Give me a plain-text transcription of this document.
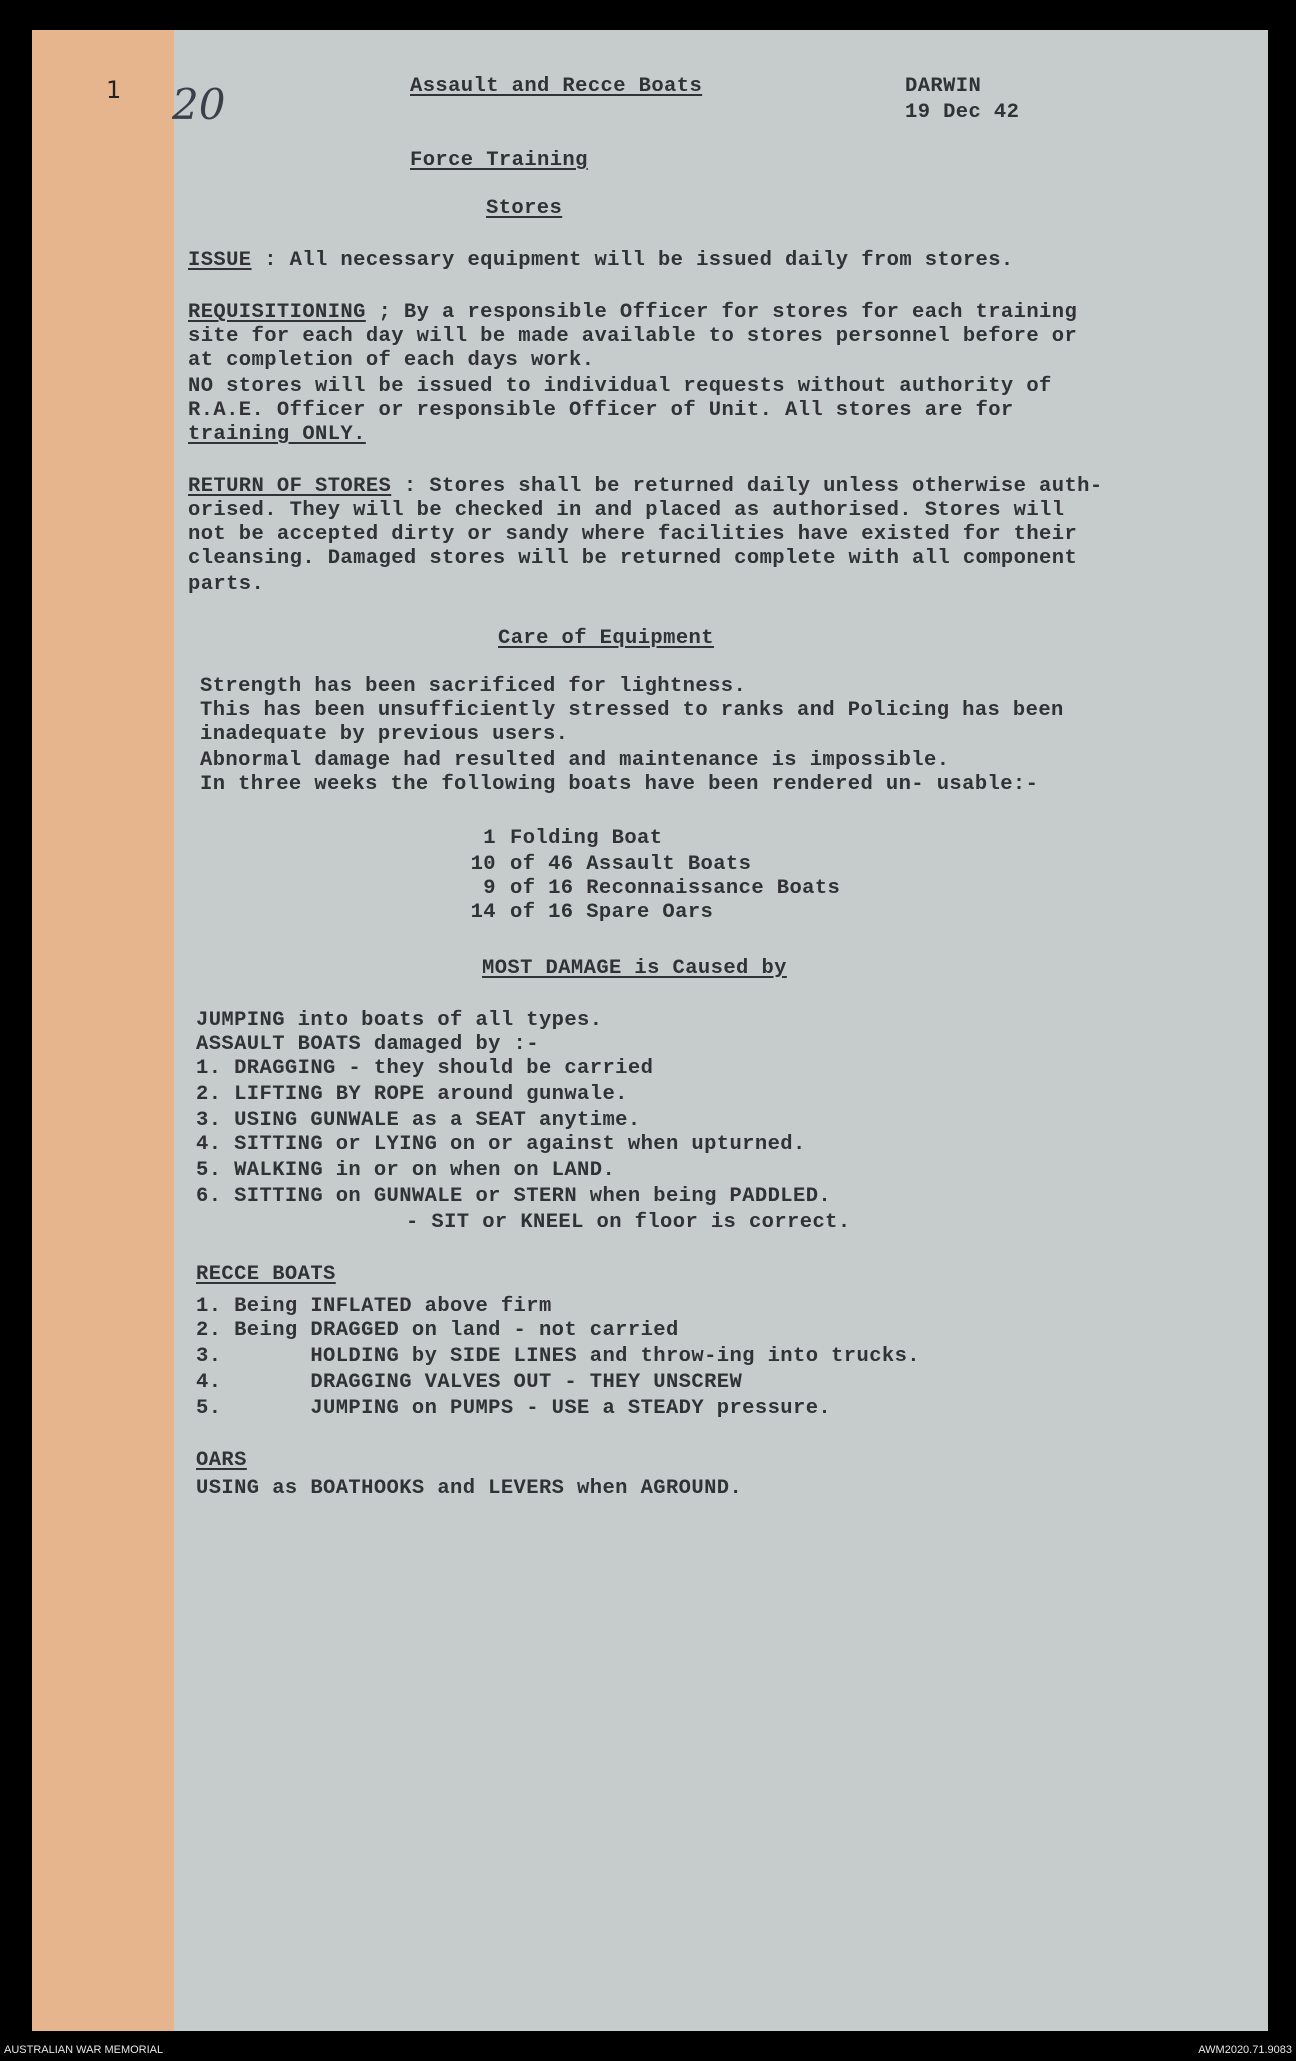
1 20	Assault and Recce Boats	DARWIN
19 Dec 42
Force Training
Stores
ISSUE : All necessary equipment will be issued daily from stores.
REQUISITIONING ; By a responsible Officer for stores for each training
site for each day will be made available to stores personnel before or
at completion of each days work.
NO stores will be issued to individual requests without authority of
R.A.E. Officer or responsible Officer of Unit. All stores are for
training ONLY.
RETURN OF STORES : Stores shall be returned daily unless otherwise auth-
orised. They will be checked in and placed as authorised. Stores will
not be accepted dirty or sandy where facilities have existed for their
cleansing. Damaged stores will be returned complete with all component
parts.
Care of Equipment
Strength has been sacrificed for lightness.
This has been unsufficiently stressed to ranks and Policing has been
inadequate by previous users.
Abnormal damage had resulted and maintenance is impossible.
In three weeks the following boats have been rendered un- usable:-
1 Folding Boat
10 of 46 Assault Boats
9 of 16 Reconnaissance Boats
14 of 16 Spare Oars
MOST DAMAGE is Caused by
JUMPING into boats of all types.
ASSAULT BOATS damaged by :-
1. DRAGGING - they should be carried
2. LIFTING BY ROPE around gunwale.
3. USING GUNWALE as a SEAT anytime.
4. SITTING or LYING on or against when upturned.
5. WALKING in or on when on LAND.
6. SITTING on GUNWALE or STERN when being PADDLED.
- SIT or KNEEL on floor is correct.
RECCE BOATS
1. Being INFLATED above firm
2. Being DRAGGED on land - not carried
3.       HOLDING by SIDE LINES and throw-ing into trucks.
4.       DRAGGING VALVES OUT - THEY UNSCREW
5.       JUMPING on PUMPS - USE a STEADY pressure.
OARS
USING as BOATHOOKS and LEVERS when AGROUND.
AUSTRALIAN WAR MEMORIAL	AWM2020.71.9083
